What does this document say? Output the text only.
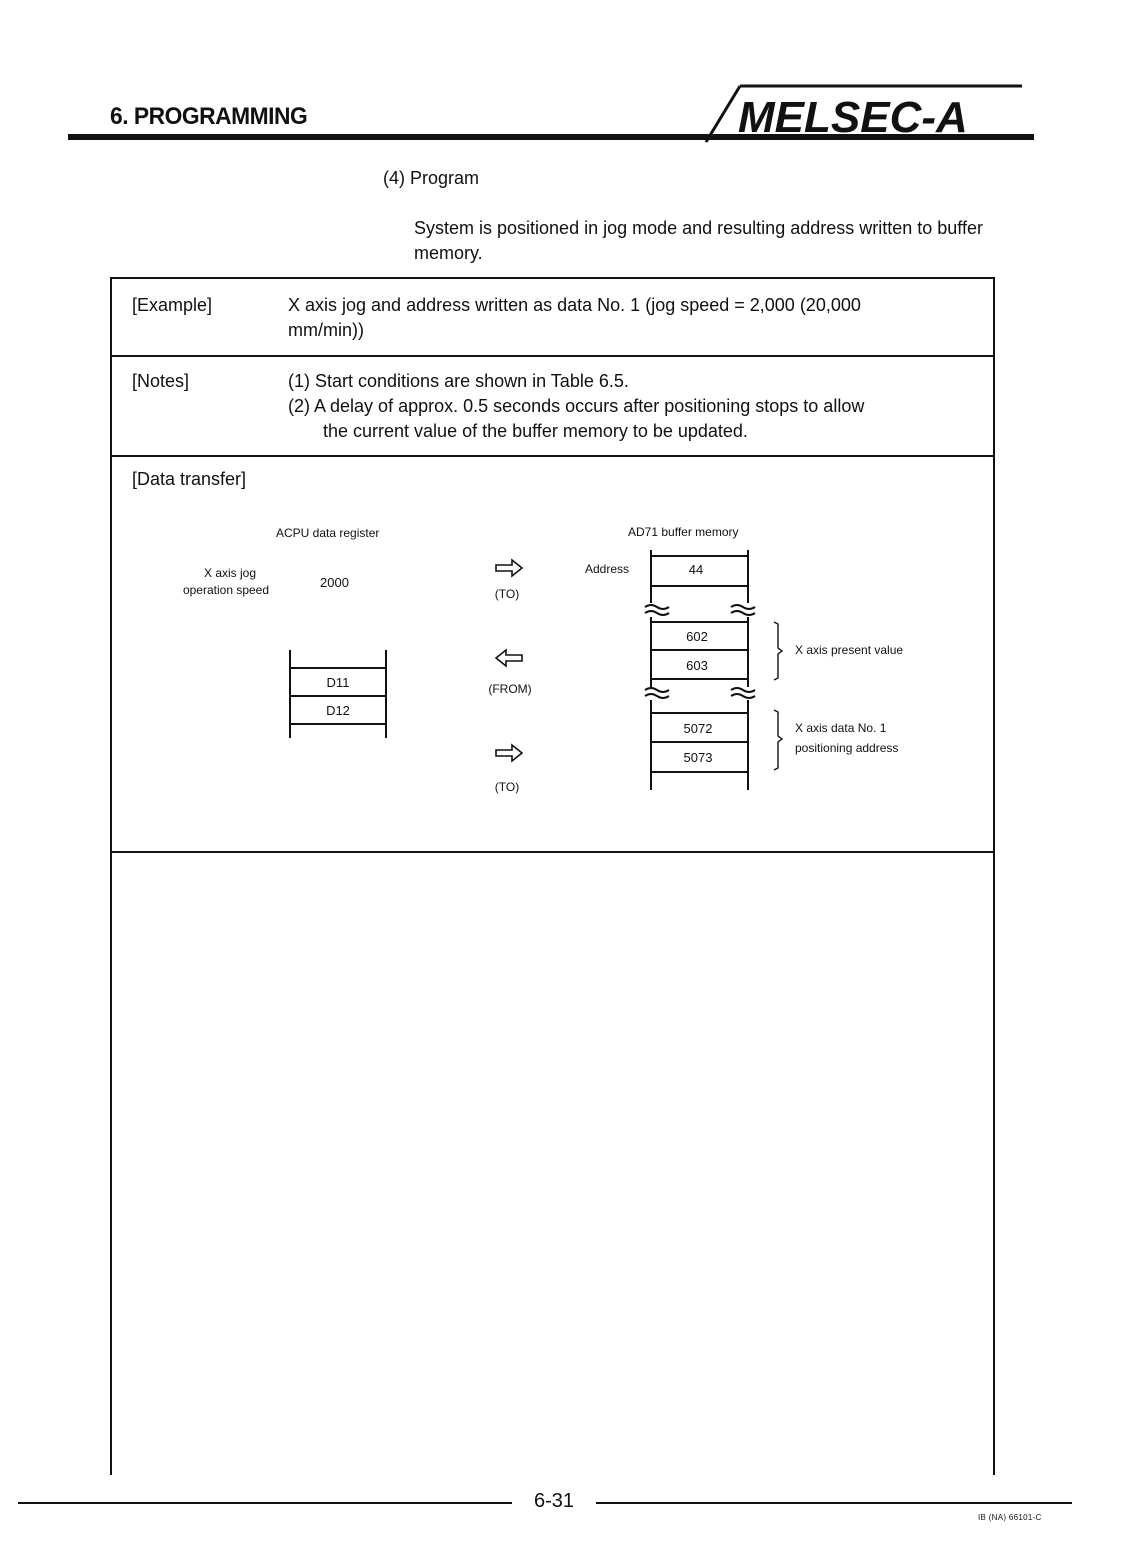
6. PROGRAMMING	MELSEC-A
(4) Program
System is positioned in jog mode and resulting address written to buffer memory.
[Example]	X axis jog and address written as data No. 1 (jog speed = 2,000 (20,000
mm/min))
[Notes]	(1) Start conditions are shown in Table 6.5.
(2) A delay of approx. 0.5 seconds occurs after positioning stops to allow
the current value of the buffer memory to be updated.
[Data transfer]
ACPU data register	AD71 buffer memory
X axis jog
operation speed	2000
D11
D12
(TO)
(FROM)
(TO)
Address	44
602
603
5072
5073
X axis present value
X axis data No. 1
positioning address
6-31
IB (NA) 66101-C
